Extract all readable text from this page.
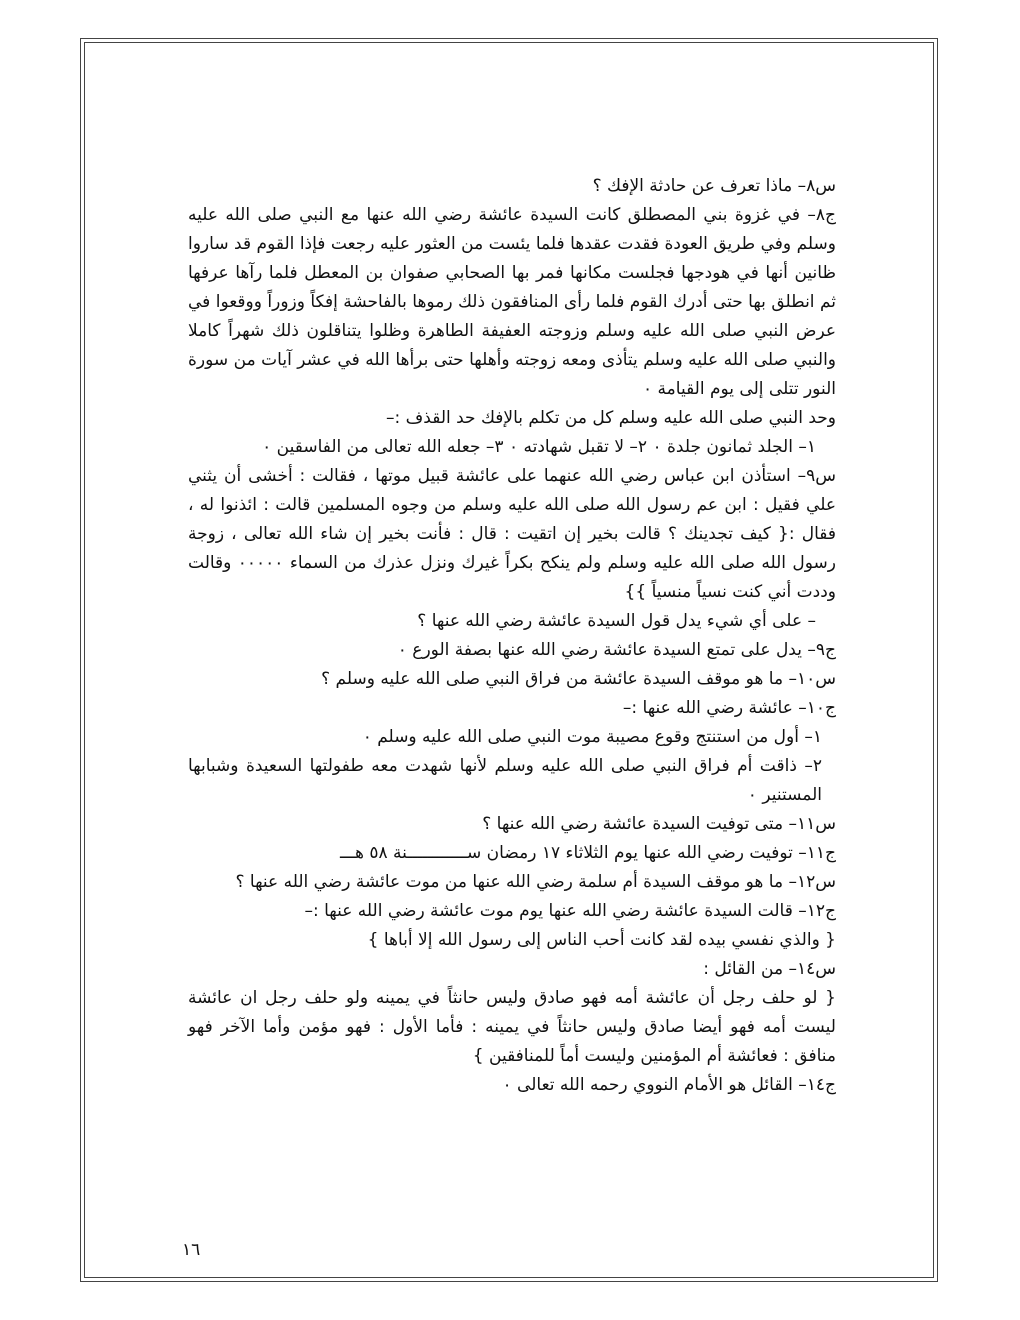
س٨– ماذا تعرف عن حادثة الإفك ؟

ج٨– في غزوة بني المصطلق كانت السيدة عائشة رضي الله عنها مع النبي صلى الله عليه وسلم وفي طريق العودة فقدت عقدها فلما يئست من العثور عليه رجعت فإذا القوم قد ساروا ظانين أنها في هودجها فجلست مكانها فمر بها الصحابي صفوان بن المعطل فلما رآها عرفها ثم انطلق بها حتى أدرك القوم فلما رأى المنافقون ذلك رموها بالفاحشة إفكاً وزوراً ووقعوا في عرض النبي صلى الله عليه وسلم وزوجته العفيفة الطاهرة وظلوا يتناقلون ذلك شهراً كاملا والنبي صلى الله عليه وسلم يتأذى ومعه زوجته وأهلها حتى برأها الله في عشر آيات من سورة النور تتلى إلى يوم القيامة ٠

وحد النبي صلى الله عليه وسلم كل من تكلم بالإفك حد القذف :–

١– الجلد ثمانون جلدة ٠ ٢– لا تقبل شهادته ٠ ٣– جعله الله تعالى من الفاسقين ٠

س٩– استأذن ابن عباس رضي الله عنهما على عائشة قبيل موتها ، فقالت : أخشى أن يثني علي فقيل : ابن عم رسول الله صلى الله عليه وسلم من وجوه المسلمين قالت : ائذنوا له ، فقال :{ كيف تجدينك ؟ قالت بخير إن اتقيت : قال : فأنت بخير إن شاء الله تعالى ، زوجة رسول الله صلى الله عليه وسلم ولم ينكح بكراً غيرك ونزل عذرك من السماء ٠٠٠٠٠ وقالت وددت أني كنت نسياً منسياً }}

– على أي شيء يدل قول السيدة عائشة رضي الله عنها ؟
ج٩– يدل على تمتع السيدة عائشة رضي الله عنها بصفة الورع ٠
س١٠– ما هو موقف السيدة عائشة من فراق النبي صلى الله عليه وسلم ؟
ج١٠– عائشة رضي الله عنها :–
١– أول من استنتج وقوع مصيبة موت النبي صلى الله عليه وسلم ٠

٢– ذاقت أم فراق النبي صلى الله عليه وسلم لأنها شهدت معه طفولتها السعيدة وشبابها المستنير ٠

س١١– متى توفيت السيدة عائشة رضي الله عنها ؟
ج١١– توفيت رضي الله عنها يوم الثلاثاء ١٧ رمضان ســــــــــــنة ٥٨ هـــ
س١٢– ما هو موقف السيدة أم سلمة رضي الله عنها من موت عائشة رضي الله عنها ؟
ج١٢– قالت السيدة عائشة رضي الله عنها يوم موت عائشة رضي الله عنها :–
{ والذي نفسي بيده لقد كانت أحب الناس إلى رسول الله إلا أباها }
س١٤– من القائل :

{ لو حلف رجل أن عائشة أمه فهو صادق وليس حانثاً في يمينه ولو حلف رجل ان عائشة ليست أمه فهو أيضا صادق وليس حانثاً في يمينه : فأما الأول : فهو مؤمن وأما الآخر فهو منافق : فعائشة أم المؤمنين وليست أماً للمنافقين }

ج١٤– القائل هو الأمام النووي رحمه الله تعالى ٠
١٦
